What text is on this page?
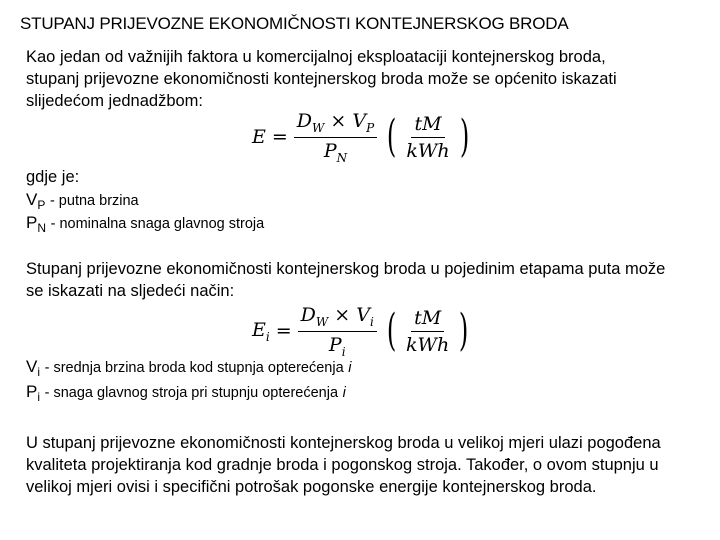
STUPANJ PRIJEVOZNE EKONOMIČNOSTI KONTEJNERSKOG BRODA
Kao jedan od važnijih faktora u komercijalnoj eksploataciji kontejnerskog broda, stupanj prijevozne ekonomičnosti kontejnerskog broda može se općenito iskazati slijedećom jednadžbom:
$E = \frac{D_W \times V_P}{P_N}$ ( $\frac{tM}{\text{kWh}}$ )
gdje je:
$V_P$ - putna brzina
$P_N$ - nominalna snaga glavnog stroja
Stupanj prijevozne ekonomičnosti kontejnerskog broda u pojedinim etapama puta može se iskazati na sljedeći način:
$E_i = \frac{D_W \times V_i}{P_i}$ ( $\frac{tM}{\text{kWh}}$ )
$V_i$ - srednja brzina broda kod stupnja opterećenja i
$P_i$ - snaga glavnog stroja pri stupnju opterećenja i
U stupanj prijevozne ekonomičnosti kontejnerskog broda u velikoj mjeri ulazi pogođena kvaliteta projektiranja kod gradnje broda i pogonskog stroja. Također, o ovom stupnju u velikoj mjeri ovisi i specifični potrošak pogonske energije kontejnerskog broda.
